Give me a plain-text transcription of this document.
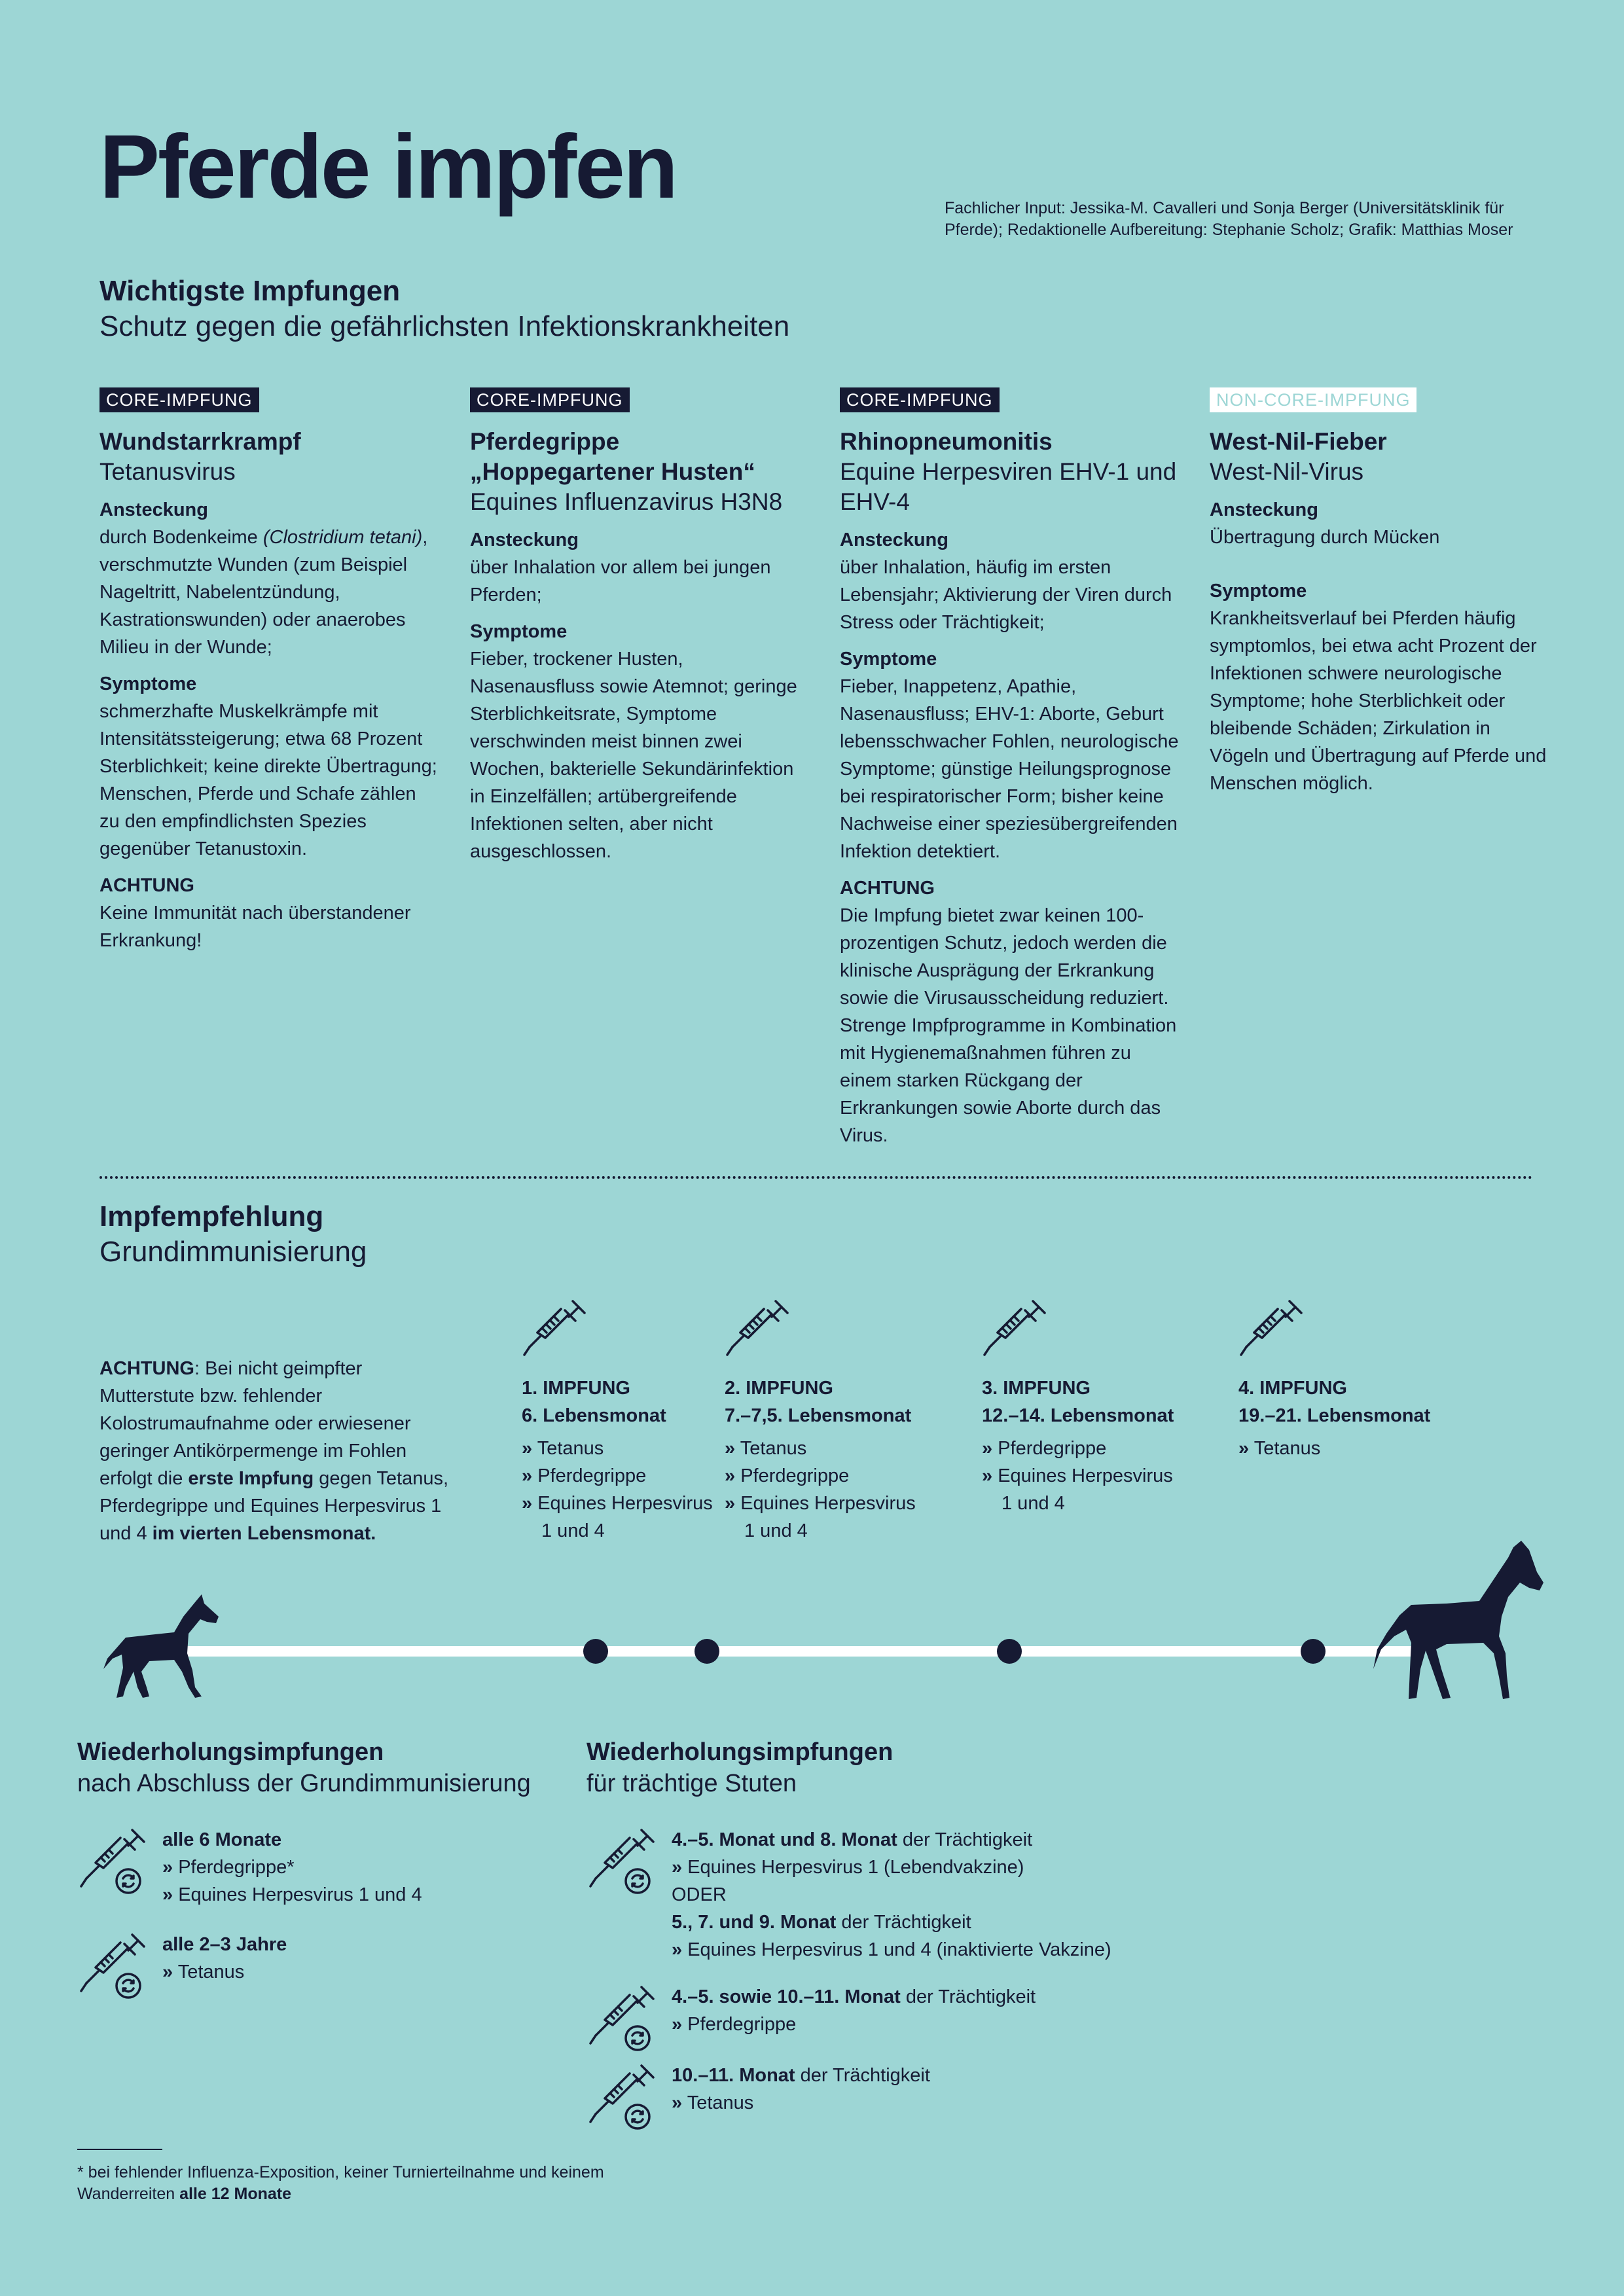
Pferde impfen	Fachlicher Input: Jessika-M. Cavalleri und Sonja Berger (Universitätsklinik für Pferde); Redaktionelle Aufbereitung: Stephanie Scholz; Grafik: Matthias Moser
Wichtigste Impfungen
Schutz gegen die gefährlichsten Infektionskrankheiten
CORE-IMPFUNG
Wundstarrkrampf
Tetanusvirus
Ansteckung
durch Bodenkeime (Clostridium tetani), verschmutzte Wunden (zum Beispiel Nageltritt, Nabelentzündung, Kastrationswunden) oder anaerobes Milieu in der Wunde;
Symptome
schmerzhafte Muskelkrämpfe mit Intensitätssteigerung; etwa 68 Prozent Sterblichkeit; keine direkte Übertragung; Menschen, Pferde und Schafe zählen zu den empfindlichsten Spezies gegenüber Tetanustoxin.
ACHTUNG
Keine Immunität nach überstandener Erkrankung!
CORE-IMPFUNG
Pferdegrippe
„Hoppegartener Husten“
Equines Influenzavirus H3N8
Ansteckung
über Inhalation vor allem bei jungen Pferden;
Symptome
Fieber, trockener Husten, Nasenausfluss sowie Atemnot; geringe Sterblichkeitsrate, Symptome verschwinden meist binnen zwei Wochen, bakterielle Sekundärinfektion in Einzelfällen; artübergreifende Infektionen selten, aber nicht ausgeschlossen.
CORE-IMPFUNG
Rhinopneumonitis
Equine Herpesviren EHV-1 und EHV-4
Ansteckung
über Inhalation, häufig im ersten Lebensjahr; Aktivierung der Viren durch Stress oder Trächtigkeit;
Symptome
Fieber, Inappetenz, Apathie, Nasenausfluss; EHV-1: Aborte, Geburt lebensschwacher Fohlen, neurologische Symptome; günstige Heilungsprognose bei respiratorischer Form; bisher keine Nachweise einer speziesübergreifenden Infektion detektiert.
ACHTUNG
Die Impfung bietet zwar keinen 100-prozentigen Schutz, jedoch werden die klinische Ausprägung der Erkrankung sowie die Virusausscheidung reduziert. Strenge Impfprogramme in Kombination mit Hygienemaßnahmen führen zu einem starken Rückgang der Erkrankungen sowie Aborte durch das Virus.
NON-CORE-IMPFUNG
West-Nil-Fieber
West-Nil-Virus
Ansteckung
Übertragung durch Mücken
Symptome
Krankheitsverlauf bei Pferden häufig symptomlos, bei etwa acht Prozent der Infektionen schwere neurologische Symptome; hohe Sterblichkeit oder bleibende Schäden; Zirkulation in Vögeln und Übertragung auf Pferde und Menschen möglich.
Impfempfehlung
Grundimmunisierung
ACHTUNG: Bei nicht geimpfter Mutterstute bzw. fehlender Kolostrumaufnahme oder erwiesener geringer Antikörpermenge im Fohlen erfolgt die erste Impfung gegen Tetanus, Pferdegrippe und Equines Herpesvirus 1 und 4 im vierten Lebensmonat.
1. IMPFUNG
6. Lebensmonat
» Tetanus
» Pferdegrippe
» Equines Herpesvirus 1 und 4
2. IMPFUNG
7.–7,5. Lebensmonat
» Tetanus
» Pferdegrippe
» Equines Herpesvirus 1 und 4
3. IMPFUNG
12.–14. Lebensmonat
» Pferdegrippe
» Equines Herpesvirus 1 und 4
4. IMPFUNG
19.–21. Lebensmonat
» Tetanus
Wiederholungsimpfungen
nach Abschluss der Grundimmunisierung
alle 6 Monate
» Pferdegrippe*
» Equines Herpesvirus 1 und 4
alle 2–3 Jahre
» Tetanus
Wiederholungsimpfungen
für trächtige Stuten
4.–5. Monat und 8. Monat der Trächtigkeit
» Equines Herpesvirus 1 (Lebendvakzine)
ODER
5., 7. und 9. Monat der Trächtigkeit
» Equines Herpesvirus 1 und 4 (inaktivierte Vakzine)
4.–5. sowie 10.–11. Monat der Trächtigkeit
» Pferdegrippe
10.–11. Monat der Trächtigkeit
» Tetanus
* bei fehlender Influenza-Exposition, keiner Turnierteilnahme und keinem Wanderreiten alle 12 Monate
